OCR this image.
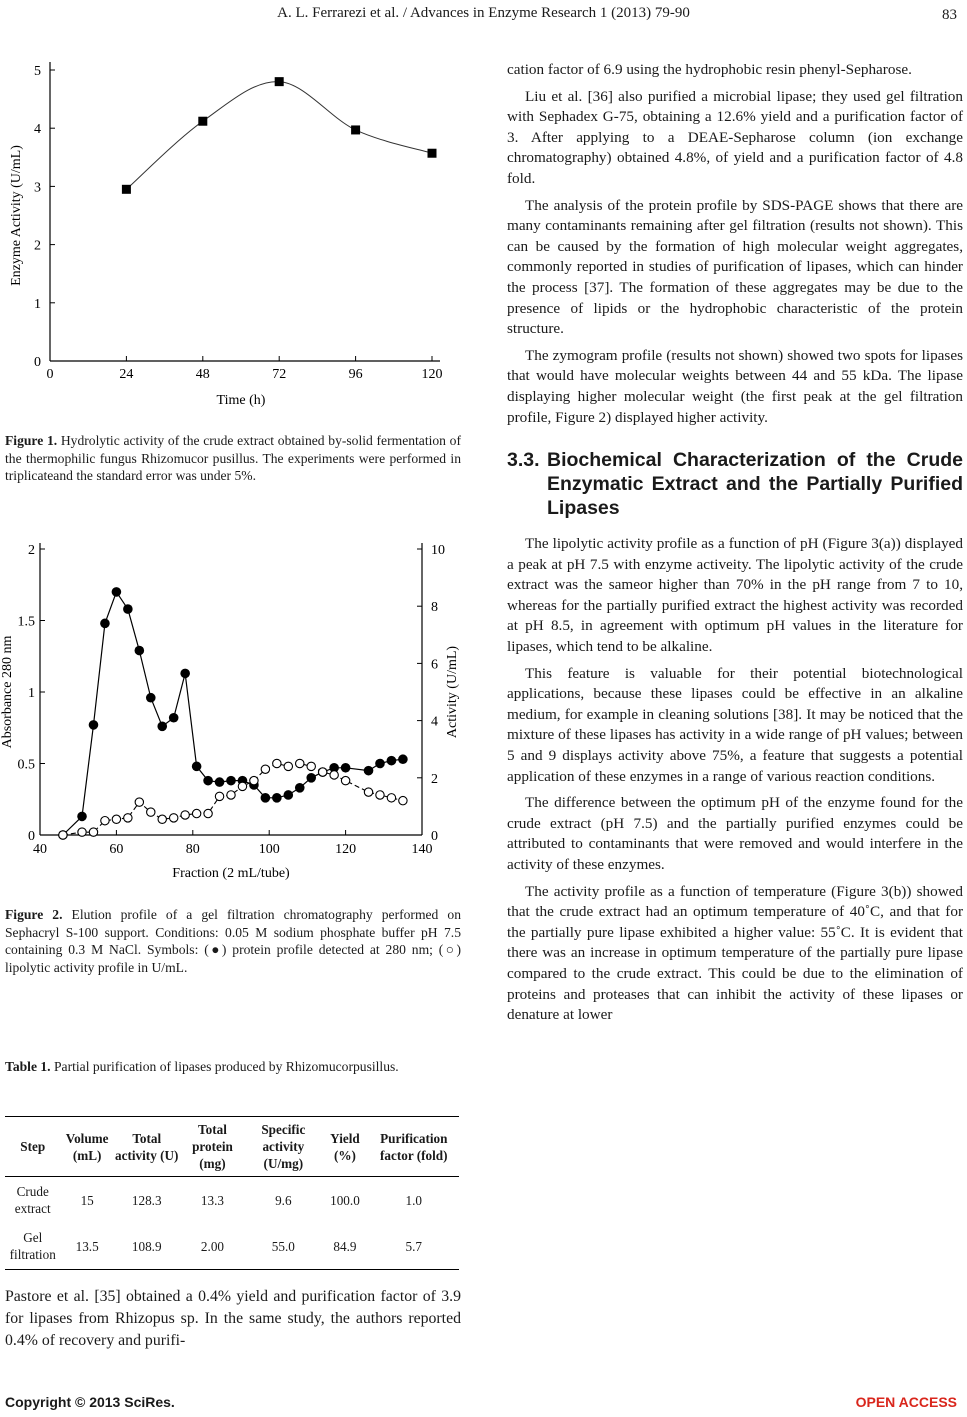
A. L. Ferrarezi et al. / Advances in Enzyme Research 1 (2013) 79-90	83
0
1
2
3
4
5
0	24	48	72	96	120
Time (h)
Enzyme Activity (U/mL)
Figure 1. Hydrolytic activity of the crude extract obtained by-solid fermentation of the thermophilic fungus Rhizomucor pusillus. The experiments were performed in triplicateand the standard error was under 5%.
0
0.5
1
1.5
2
0
2
4
6
8
10
40	60	80	100	120	140
Fraction (2 mL/tube)
Absorbance 280 nm	Activity (U/mL)
Figure 2. Elution profile of a gel filtration chromatography performed on Sephacryl S-100 support. Conditions: 0.05 M sodium phosphate buffer pH 7.5 containing 0.3 M NaCl. Symbols: (●) protein profile detected at 280 nm; (○) lipolytic activity profile in U/mL.
Table 1. Partial purification of lipases produced by Rhizomucorpusillus.
Step	Volume (mL)	Total activity (U)	Total protein (mg)	Specific activity (U/mg)	Yield (%)	Purification factor (fold)
Crude extract	15	128.3	13.3	9.6	100.0	1.0
Gel filtration	13.5	108.9	2.00	55.0	84.9	5.7

Pastore et al. [35] obtained a 0.4% yield and purification factor of 3.9 for lipases from Rhizopus sp. In the same study, the authors reported 0.4% of recovery and purifi-

cation factor of 6.9 using the hydrophobic resin phenyl-Sepharose.

Liu et al. [36] also purified a microbial lipase; they used gel filtration with Sephadex G-75, obtaining a 12.6% yield and a purification factor of 3. After applying to a DEAE-Sepharose column (ion exchange chromatography) obtained 4.8%, of yield and a purification factor of 4.8 fold.

The analysis of the protein profile by SDS-PAGE shows that there are many contaminants remaining after gel filtration (results not shown). This can be caused by the formation of high molecular weight aggregates, commonly reported in studies of purification of lipases, which can hinder the process [37]. The formation of these aggregates may be due to the presence of lipids or the hydrophobic characteristic of the protein structure.

The zymogram profile (results not shown) showed two spots for lipases that would have molecular weights between 44 and 55 kDa. The lipase displaying higher molecular weight (the first peak at the gel filtration profile, Figure 2) displayed higher activity.

3.3. Biochemical Characterization of the Crude Enzymatic Extract and the Partially Purified Lipases

The lipolytic activity profile as a function of pH (Figure 3(a)) displayed a peak at pH 7.5 with enzyme activeity. The lipolytic activity of the crude extract was the sameor higher than 70% in the pH range from 7 to 10, whereas for the partially purified extract the highest activity was recorded at pH 8.5, in agreement with optimum pH values in the literature for lipases, which tend to be alkaline.

This feature is valuable for their potential biotechnological applications, because these lipases could be effective in an alkaline medium, for example in cleaning solutions [38]. It may be noticed that the mixture of these lipases has activity in a wide range of pH values; between 5 and 9 displays activity above 75%, a feature that suggests a potential application of these enzymes in a range of various reaction conditions.

The difference between the optimum pH of the enzyme found for the crude extract (pH 7.5) and the partially purified enzymes could be attributed to contaminants that were removed and would interfere in the activity of these enzymes.

The activity profile as a function of temperature (Figure 3(b)) showed that the crude extract had an optimum temperature of 40˚C, and that for the partially pure lipase exhibited a higher value: 55˚C. It is evident that there was an increase in optimum temperature of the partially pure lipase compared to the crude extract. This could be due to the elimination of proteins and proteases that can inhibit the activity of these lipases or denature at lower

Copyright © 2013 SciRes.	OPEN ACCESS
